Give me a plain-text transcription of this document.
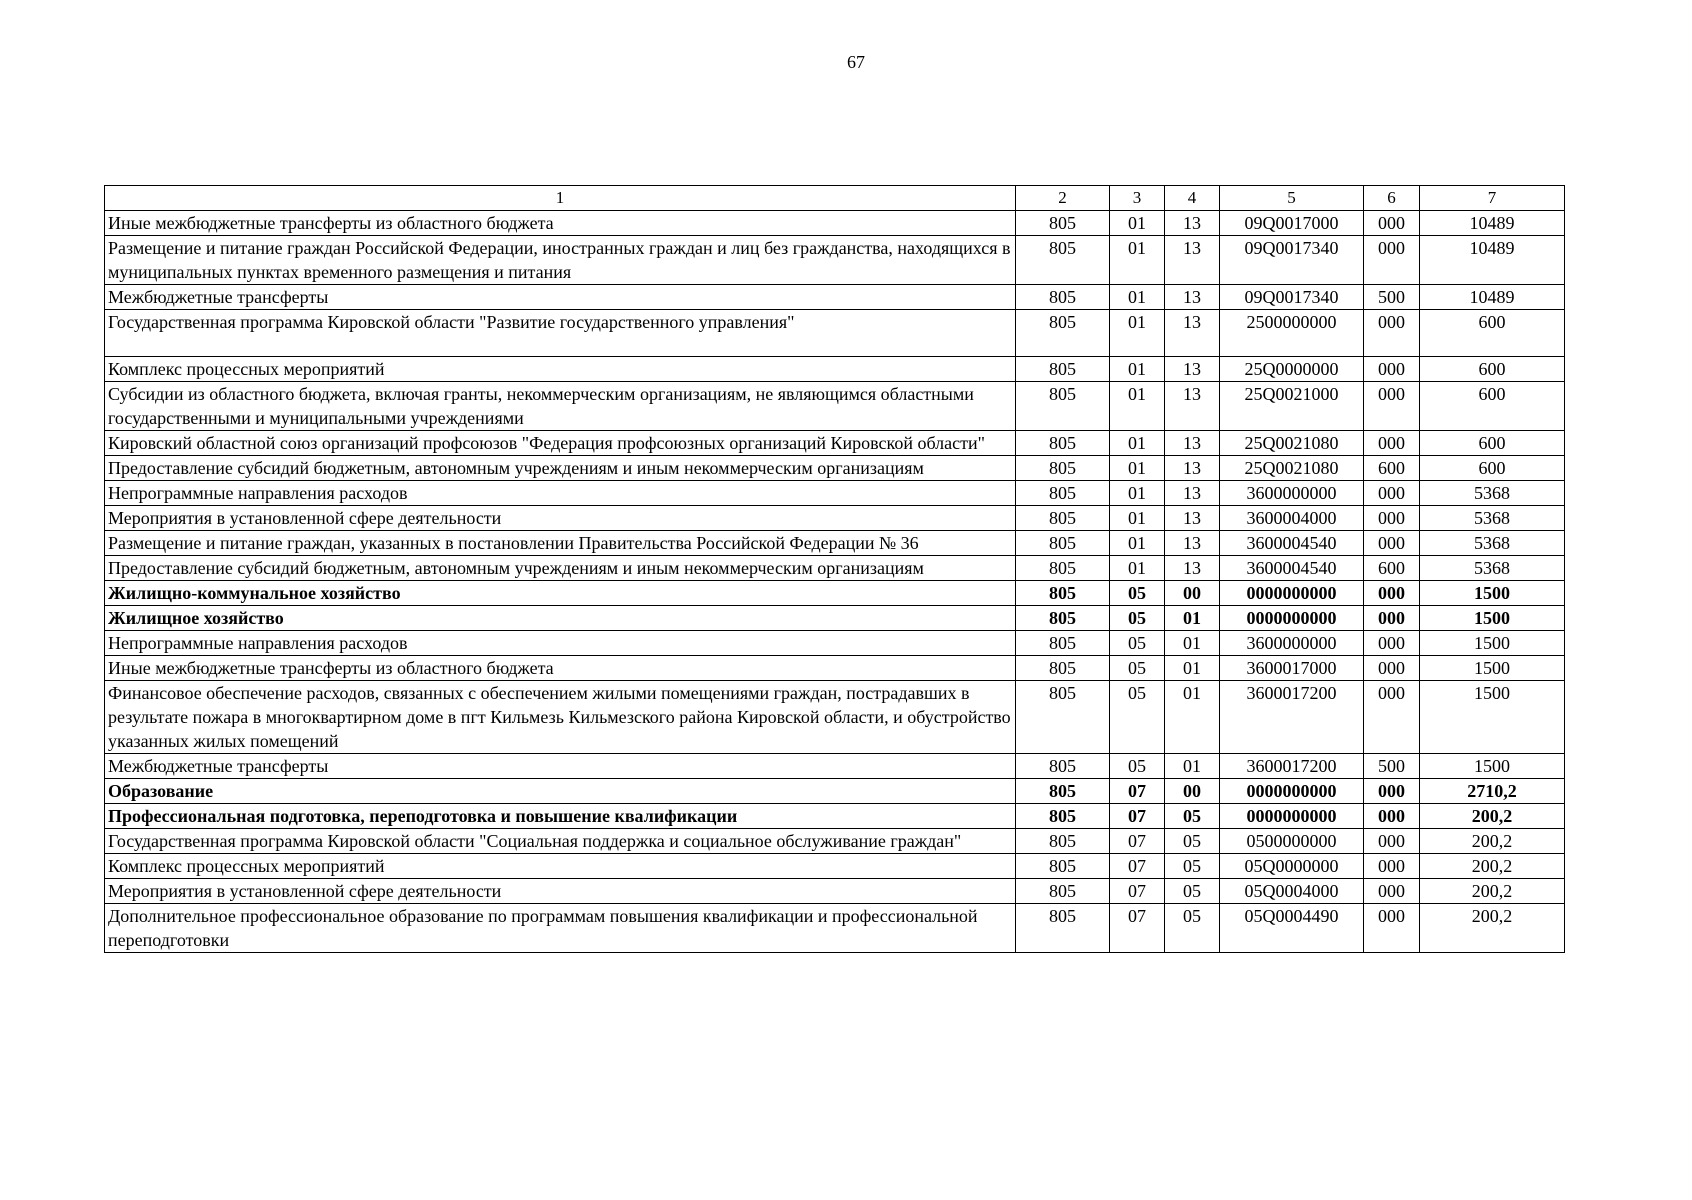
67
1	2	3	4	5	6	7
Иные межбюджетные трансферты из областного бюджета	805	01	13	09Q0017000	000	10489
Размещение и питание граждан Российской Федерации, иностранных граждан и лиц без гражданства, находящихся в муниципальных пунктах временного размещения и питания	805	01	13	09Q0017340	000	10489
Межбюджетные трансферты	805	01	13	09Q0017340	500	10489
Государственная программа Кировской области "Развитие государственного управления"	805	01	13	2500000000	000	600
Комплекс процессных мероприятий	805	01	13	25Q0000000	000	600
Субсидии из областного бюджета, включая гранты, некоммерческим организациям, не являющимся областными государственными и муниципальными учреждениями	805	01	13	25Q0021000	000	600
Кировский областной союз организаций профсоюзов "Федерация профсоюзных организаций Кировской области"	805	01	13	25Q0021080	000	600
Предоставление субсидий бюджетным, автономным учреждениям и иным некоммерческим организациям	805	01	13	25Q0021080	600	600
Непрограммные направления расходов	805	01	13	3600000000	000	5368
Мероприятия в установленной сфере деятельности	805	01	13	3600004000	000	5368
Размещение и питание граждан, указанных в постановлении Правительства Российской Федерации № 36	805	01	13	3600004540	000	5368
Предоставление субсидий бюджетным, автономным учреждениям и иным некоммерческим организациям	805	01	13	3600004540	600	5368
Жилищно-коммунальное хозяйство	805	05	00	0000000000	000	1500
Жилищное хозяйство	805	05	01	0000000000	000	1500
Непрограммные направления расходов	805	05	01	3600000000	000	1500
Иные межбюджетные трансферты из областного бюджета	805	05	01	3600017000	000	1500
Финансовое обеспечение расходов, связанных с обеспечением жилыми помещениями граждан, пострадавших в результате пожара в многоквартирном доме в пгт Кильмезь Кильмезского района Кировской области, и обустройство указанных жилых помещений	805	05	01	3600017200	000	1500
Межбюджетные трансферты	805	05	01	3600017200	500	1500
Образование	805	07	00	0000000000	000	2710,2
Профессиональная подготовка, переподготовка и повышение квалификации	805	07	05	0000000000	000	200,2
Государственная программа Кировской области "Социальная поддержка и социальное обслуживание граждан"	805	07	05	0500000000	000	200,2
Комплекс процессных мероприятий	805	07	05	05Q0000000	000	200,2
Мероприятия в установленной сфере деятельности	805	07	05	05Q0004000	000	200,2
Дополнительное профессиональное образование по программам повышения квалификации и профессиональной переподготовки	805	07	05	05Q0004490	000	200,2
